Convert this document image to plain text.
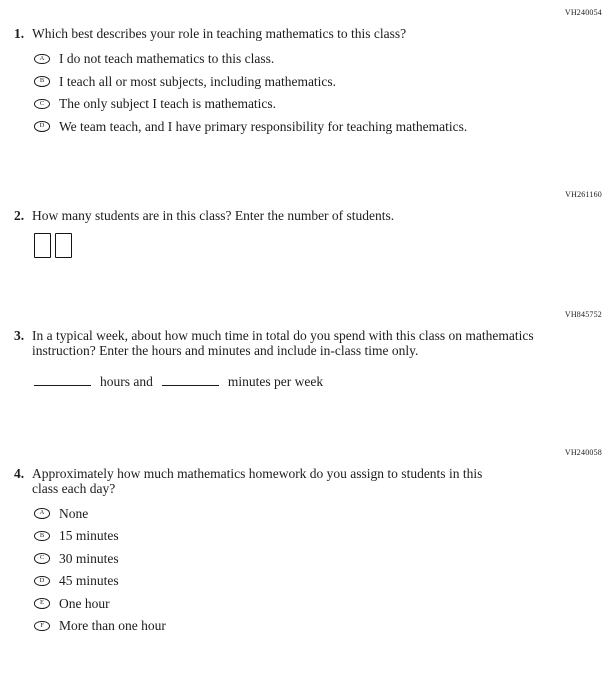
VH240054
1. Which best describes your role in teaching mathematics to this class?
A	I do not teach mathematics to this class.
B	I teach all or most subjects, including mathematics.
C	The only subject I teach is mathematics.
D	We team teach, and I have primary responsibility for teaching mathematics.
VH261160
2. How many students are in this class? Enter the number of students.
VH845752
3. In a typical week, about how much time in total do you spend with this class on mathematics instruction? Enter the hours and minutes and include in-class time only.
hours and	minutes per week
VH240058
4. Approximately how much mathematics homework do you assign to students in this class each day?
A	None
B	15 minutes
C	30 minutes
D	45 minutes
E	One hour
F	More than one hour
